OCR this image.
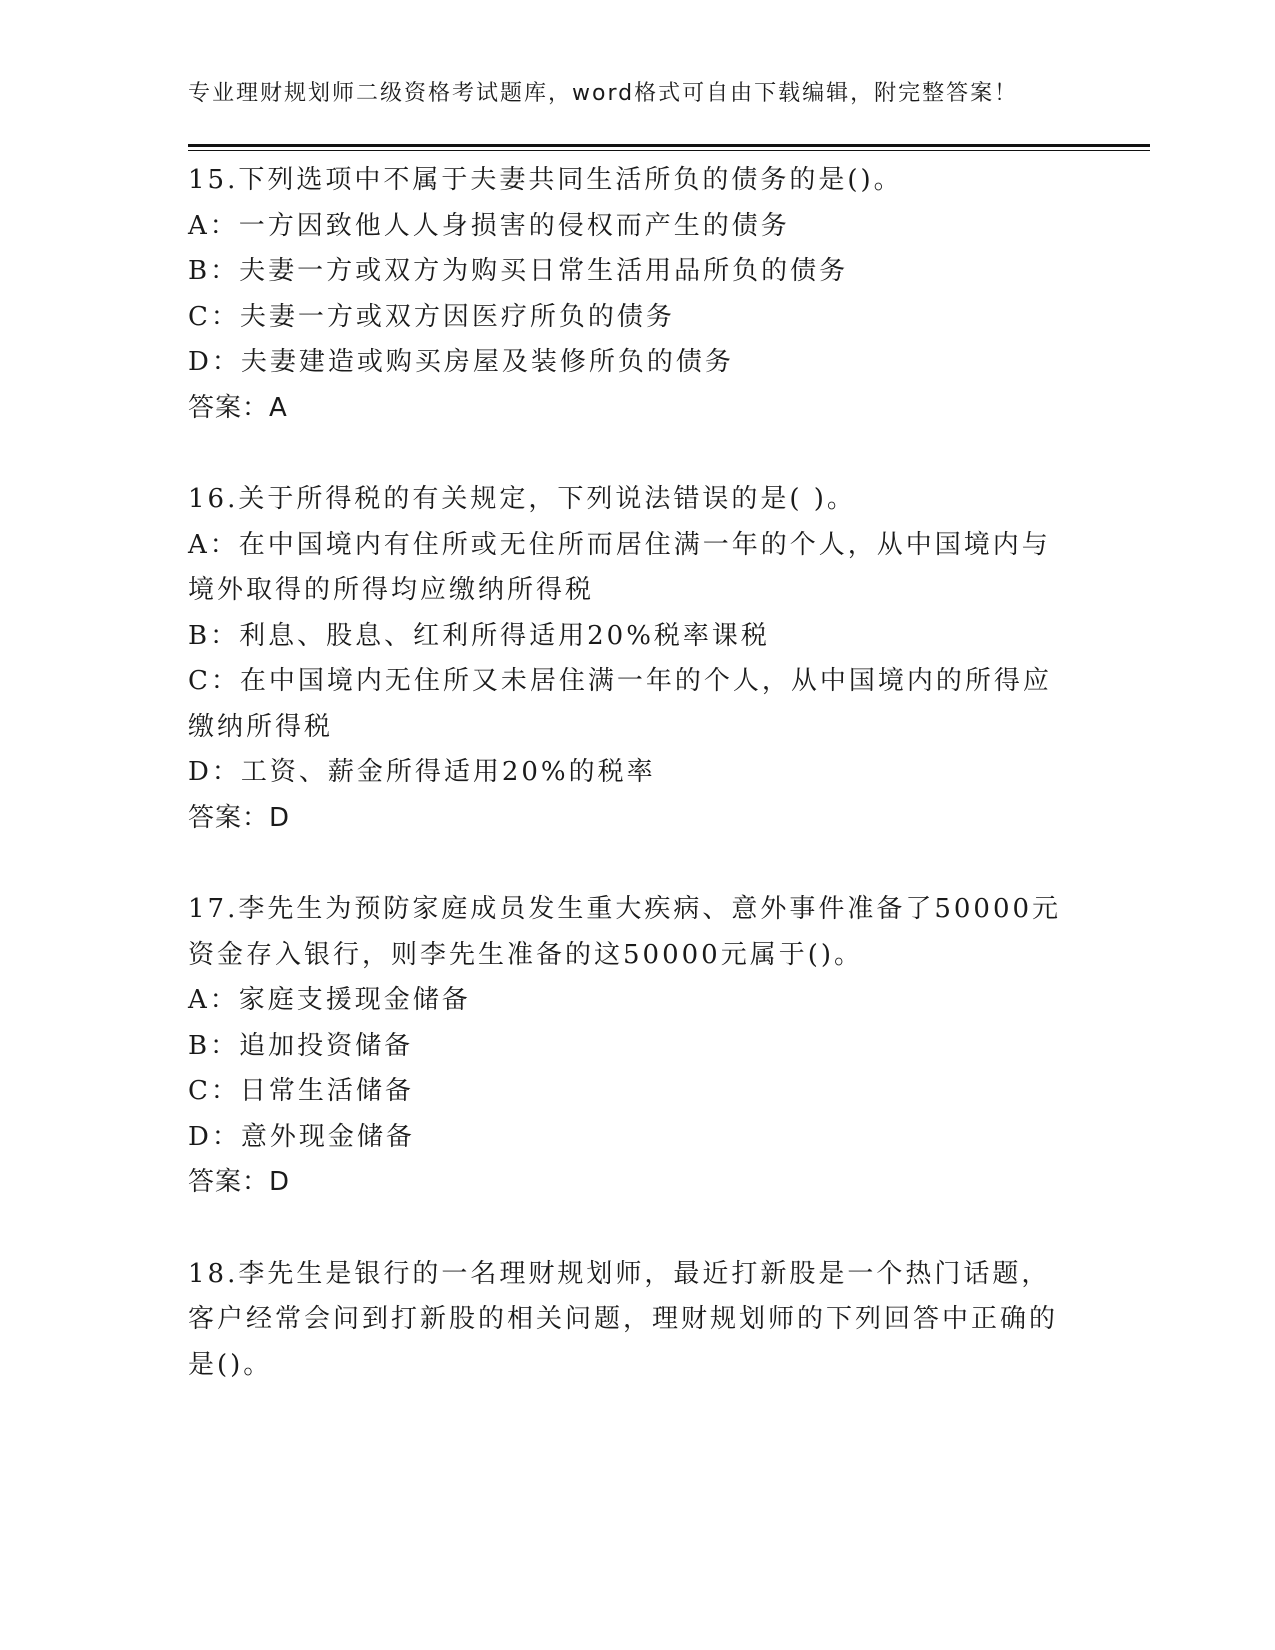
专业理财规划师二级资格考试题库，word格式可自由下载编辑，附完整答案！

15.下列选项中不属于夫妻共同生活所负的债务的是()。

A：一方因致他人人身损害的侵权而产生的债务

B：夫妻一方或双方为购买日常生活用品所负的债务

C：夫妻一方或双方因医疗所负的债务

D：夫妻建造或购买房屋及装修所负的债务

答案：A

16.关于所得税的有关规定，下列说法错误的是( )。

A：在中国境内有住所或无住所而居住满一年的个人，从中国境内与境外取得的所得均应缴纳所得税

B：利息、股息、红利所得适用20%税率课税

C：在中国境内无住所又未居住满一年的个人，从中国境内的所得应缴纳所得税

D：工资、薪金所得适用20%的税率

答案：D

17.李先生为预防家庭成员发生重大疾病、意外事件准备了50000元资金存入银行，则李先生准备的这50000元属于()。

A：家庭支援现金储备

B：追加投资储备

C：日常生活储备

D：意外现金储备

答案：D

18.李先生是银行的一名理财规划师，最近打新股是一个热门话题，客户经常会问到打新股的相关问题，理财规划师的下列回答中正确的是()。
